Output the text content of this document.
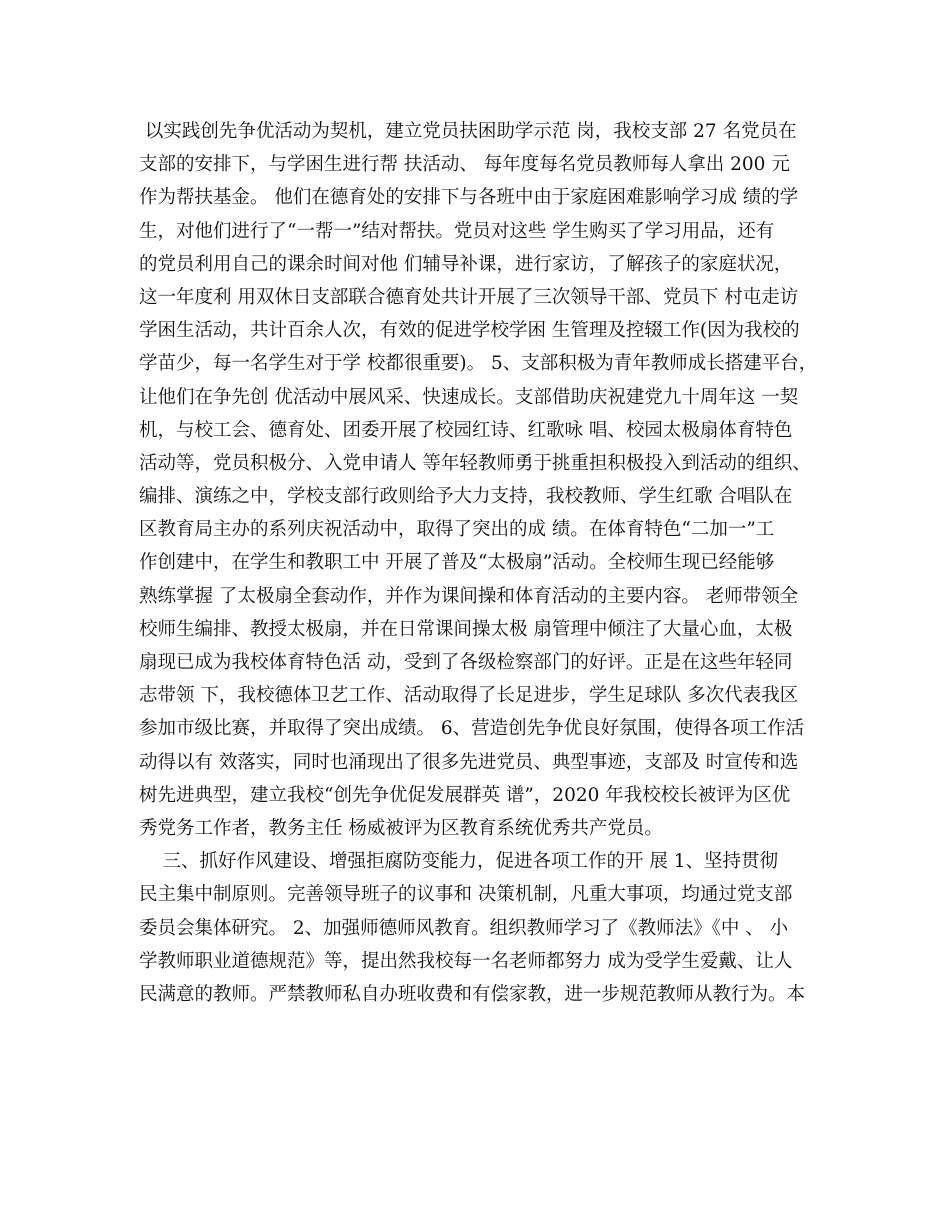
以实践创先争优活动为契机，建立党员扶困助学示范 岗，我校支部 27 名党员在
支部的安排下，与学困生进行帮 扶活动、 每年度每名党员教师每人拿出 200 元
作为帮扶基金。 他们在德育处的安排下与各班中由于家庭困难影响学习成 绩的学
生，对他们进行了“一帮一”结对帮扶。党员对这些 学生购买了学习用品，还有
的党员利用自己的课余时间对他 们辅导补课，进行家访，了解孩子的家庭状况，
这一年度利 用双休日支部联合德育处共计开展了三次领导干部、党员下 村屯走访
学困生活动，共计百余人次，有效的促进学校学困 生管理及控辍工作(因为我校的
学苗少，每一名学生对于学 校都很重要)。 5、支部积极为青年教师成长搭建平台，
让他们在争先创 优活动中展风采、快速成长。支部借助庆祝建党九十周年这 一契
机，与校工会、德育处、团委开展了校园红诗、红歌咏 唱、校园太极扇体育特色
活动等，党员积极分、入党申请人 等年轻教师勇于挑重担积极投入到活动的组织、
编排、演练之中，学校支部行政则给予大力支持，我校教师、学生红歌 合唱队在
区教育局主办的系列庆祝活动中，取得了突出的成 绩。在体育特色“二加一”工
作创建中，在学生和教职工中 开展了普及“太极扇”活动。全校师生现已经能够
熟练掌握 了太极扇全套动作，并作为课间操和体育活动的主要内容。 老师带领全
校师生编排、教授太极扇，并在日常课间操太极 扇管理中倾注了大量心血，太极
扇现已成为我校体育特色活 动，受到了各级检察部门的好评。正是在这些年轻同
志带领 下，我校德体卫艺工作、活动取得了长足进步，学生足球队 多次代表我区
参加市级比赛，并取得了突出成绩。 6、营造创先争优良好氛围，使得各项工作活
动得以有 效落实，同时也涌现出了很多先进党员、典型事迹，支部及 时宣传和选
树先进典型，建立我校“创先争优促发展群英 谱”，2020 年我校校长被评为区优
秀党务工作者，教务主任 杨威被评为区教育系统优秀共产党员。
三、抓好作风建设、增强拒腐防变能力，促进各项工作的开 展 1、坚持贯彻
民主集中制原则。完善领导班子的议事和 决策机制，凡重大事项，均通过党支部
委员会集体研究。 2、加强师德师风教育。组织教师学习了《教师法》《中 、 小
学教师职业道德规范》等，提出然我校每一名老师都努力 成为受学生爱戴、让人
民满意的教师。严禁教师私自办班收费和有偿家教，进一步规范教师从教行为。本
